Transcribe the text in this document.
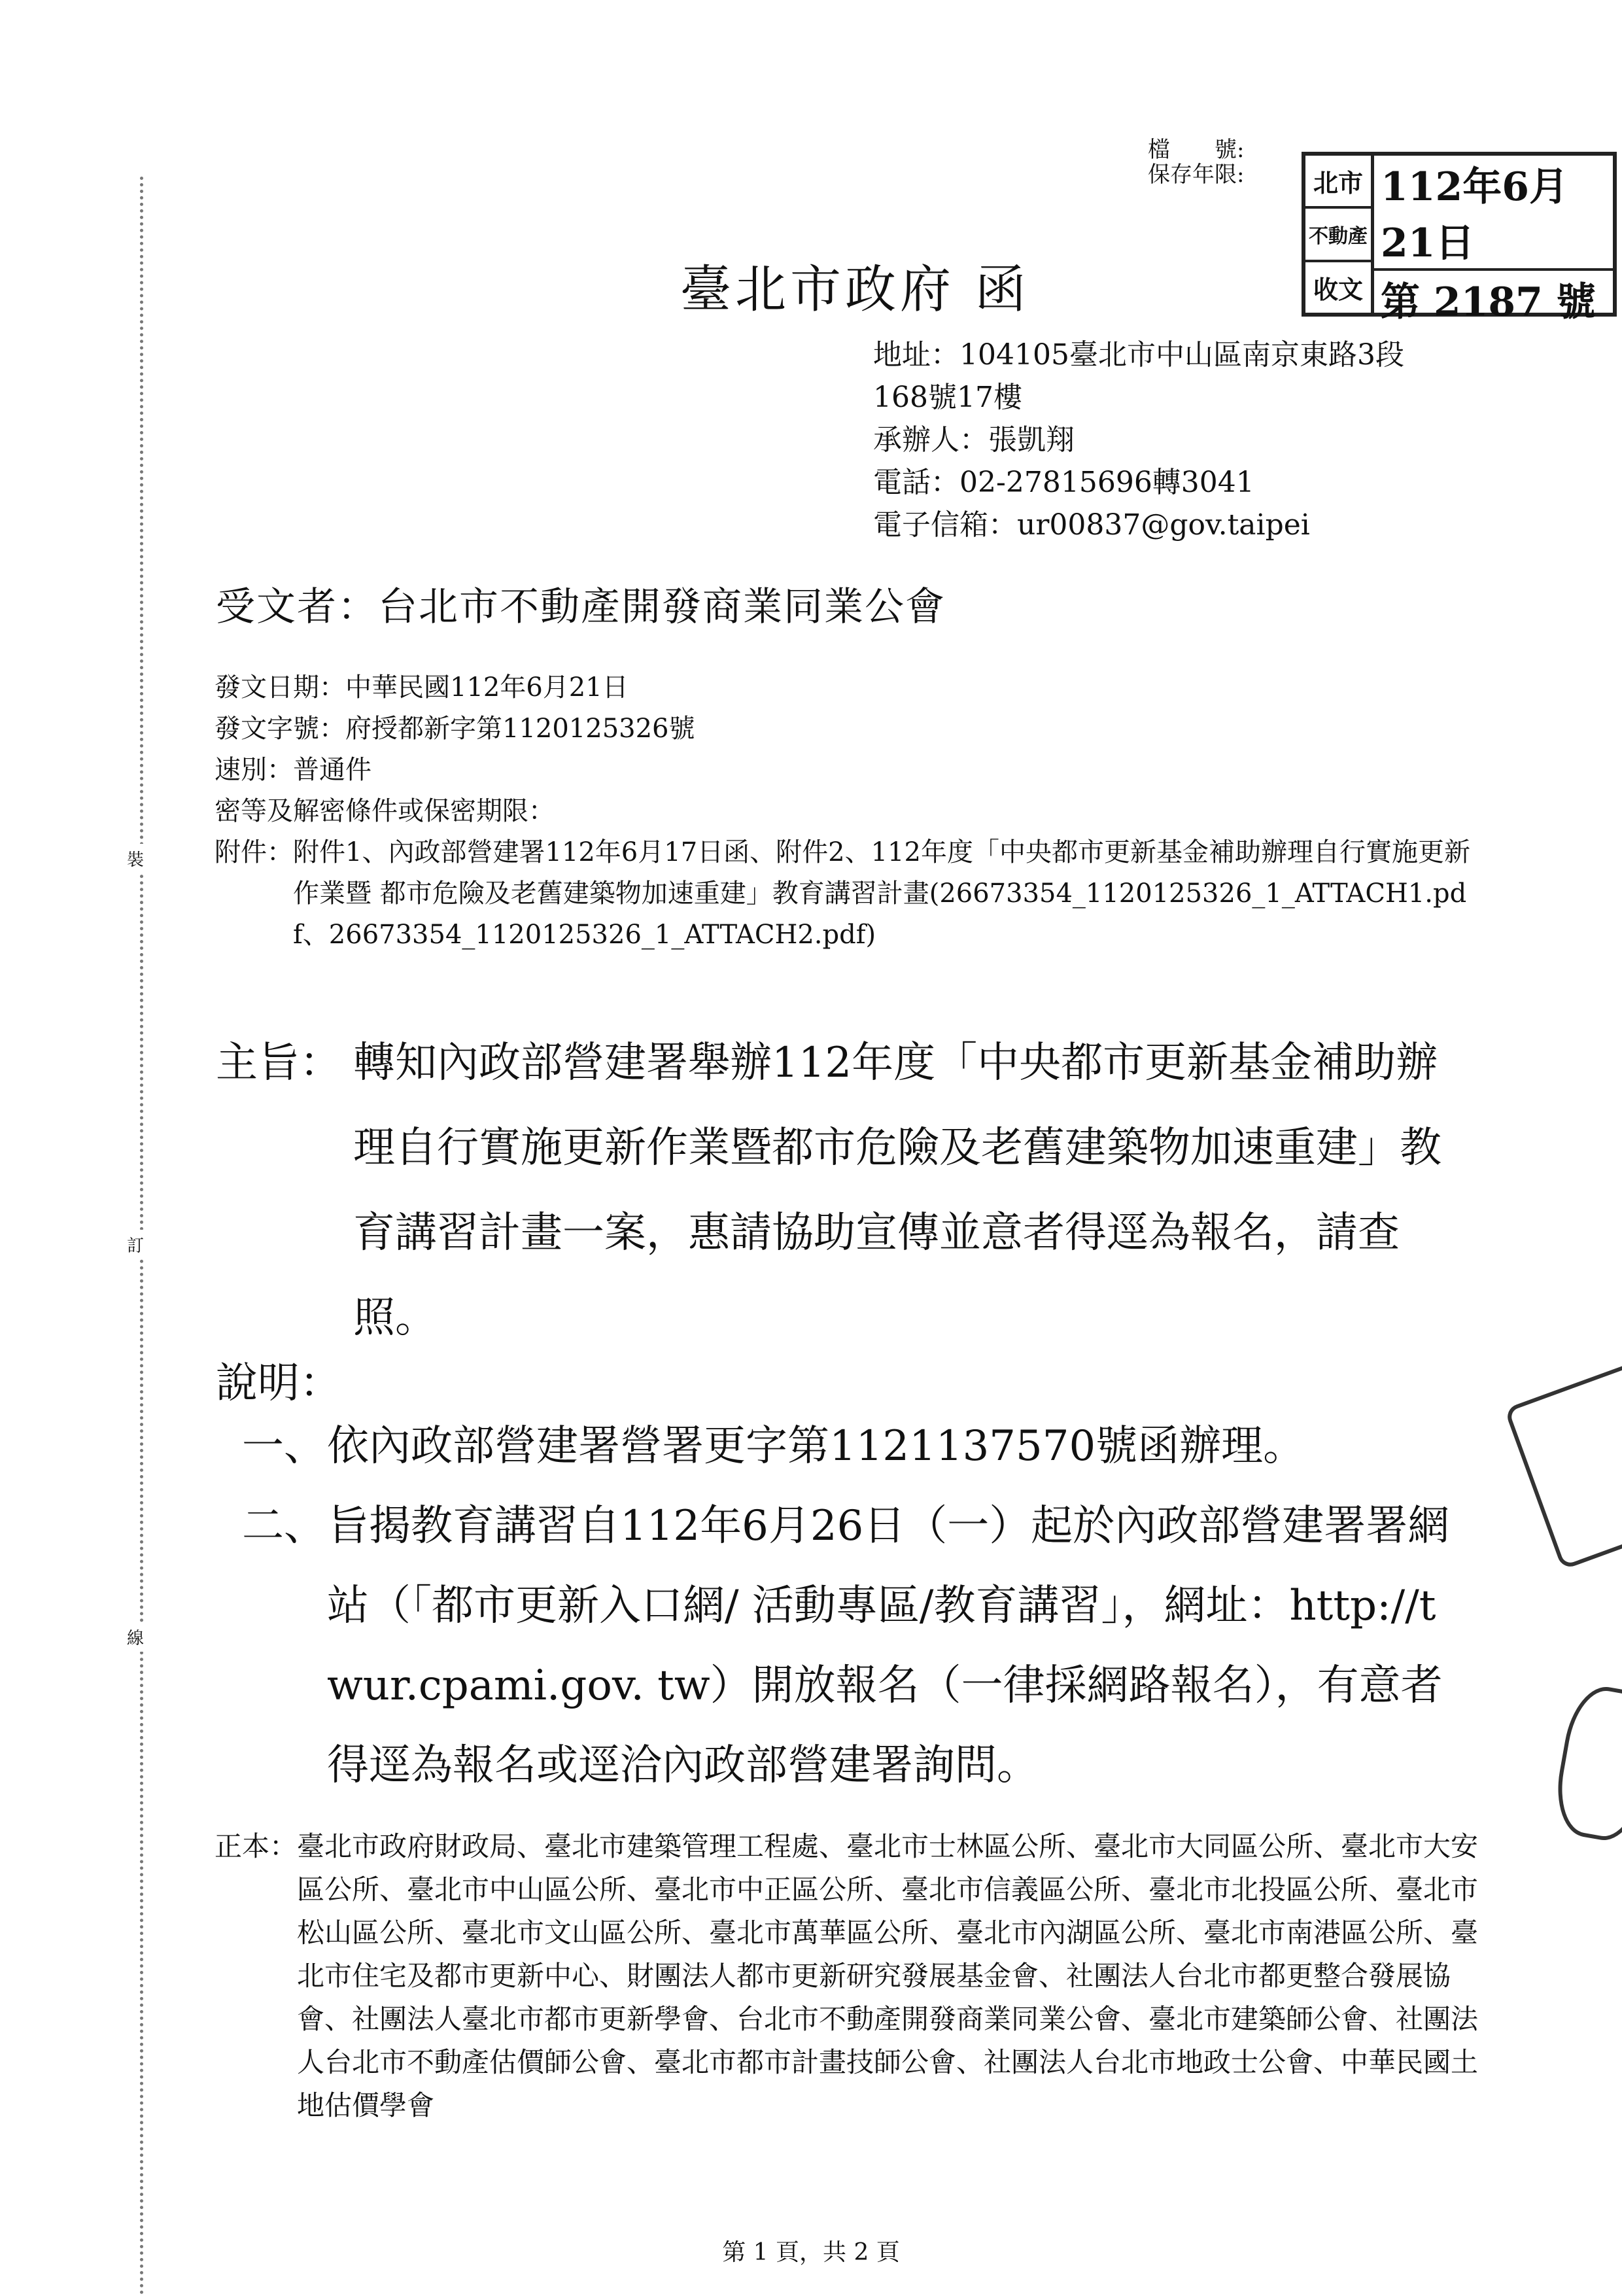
裝
訂
線
檔　　號:
保存年限:	北市
不動產
收文
112年6月21日
第 2187 號
臺北市政府 函
地址：104105臺北市中山區南京東路3段
168號17樓
承辦人：張凱翔
電話：02-27815696轉3041
電子信箱：ur00837@gov.taipei
受文者：台北市不動產開發商業同業公會
發文日期：中華民國112年6月21日
發文字號：府授都新字第1120125326號
速別：普通件
密等及解密條件或保密期限：
附件： 附件1、內政部營建署112年6月17日函、附件2、112年度「中央都市更新基金補助辦理自行實施更新作業暨 都市危險及老舊建築物加速重建」教育講習計畫(26673354_1120125326_1_ATTACH1.pdf、26673354_1120125326_1_ATTACH2.pdf)
主旨： 轉知內政部營建署舉辦112年度「中央都市更新基金補助辦理自行實施更新作業暨都市危險及老舊建築物加速重建」教育講習計畫一案，惠請協助宣傳並意者得逕為報名，請查照。
說明：
一、 依內政部營建署營署更字第1121137570號函辦理。
二、 旨揭教育講習自112年6月26日（一）起於內政部營建署署網站（「都市更新入口網/ 活動專區/教育講習」，網址：http://twur.cpami.gov. tw）開放報名（一律採網路報名），有意者得逕為報名或逕洽內政部營建署詢問。
正本： 臺北市政府財政局、臺北市建築管理工程處、臺北市士林區公所、臺北市大同區公所、臺北市大安區公所、臺北市中山區公所、臺北市中正區公所、臺北市信義區公所、臺北市北投區公所、臺北市松山區公所、臺北市文山區公所、臺北市萬華區公所、臺北市內湖區公所、臺北市南港區公所、臺北市住宅及都市更新中心、財團法人都市更新研究發展基金會、社團法人台北市都更整合發展協會、社團法人臺北市都市更新學會、台北市不動產開發商業同業公會、臺北市建築師公會、社團法人台北市不動產估價師公會、臺北市都市計畫技師公會、社團法人台北市地政士公會、中華民國土地估價學會
第 1 頁，共 2 頁
